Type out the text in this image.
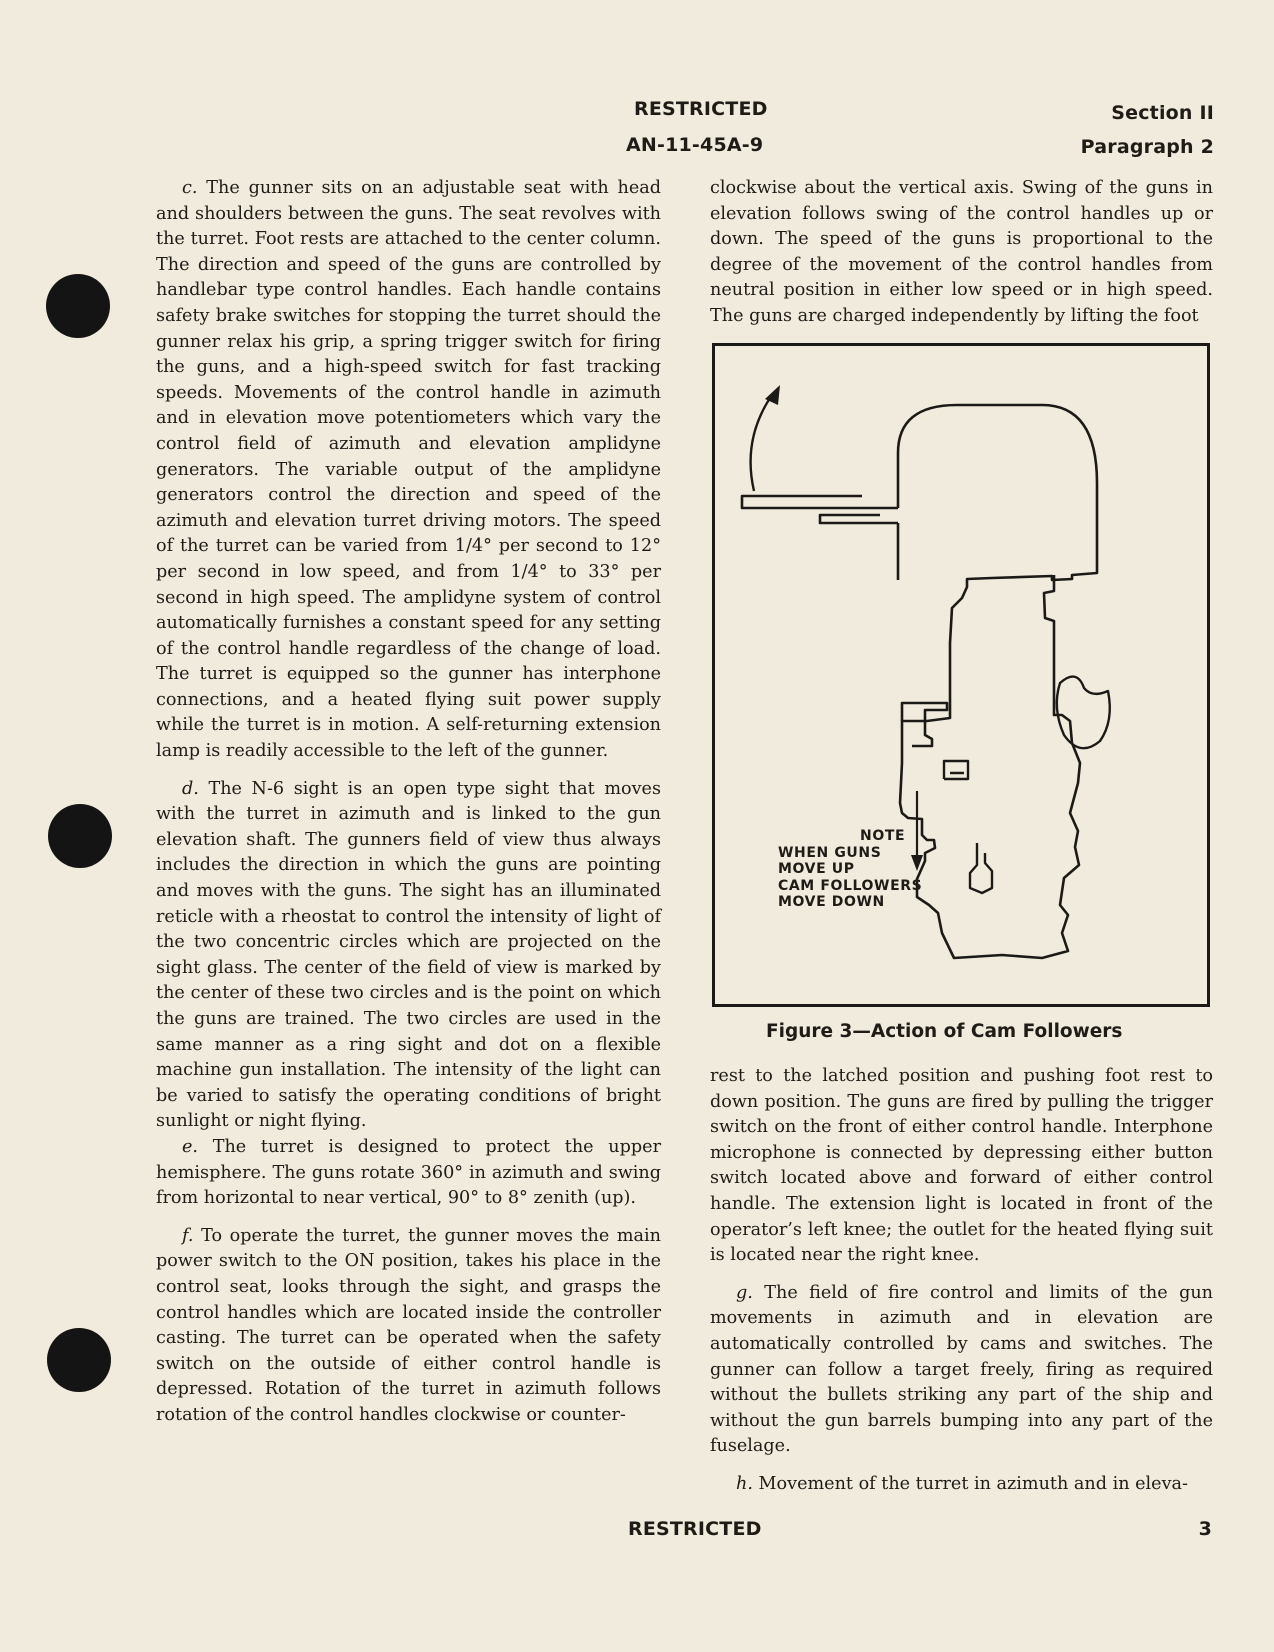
RESTRICTED
AN-11-45A-9
Section II
Paragraph 2

c. The gunner sits on an adjustable seat with head and shoulders between the guns. The seat revolves with the turret. Foot rests are attached to the center column. The direction and speed of the guns are controlled by handlebar type control handles. Each handle contains safety brake switches for stopping the turret should the gunner relax his grip, a spring trigger switch for firing the guns, and a high-speed switch for fast tracking speeds. Movements of the control handle in azimuth and in elevation move potentiometers which vary the control field of azimuth and elevation amplidyne generators. The variable output of the amplidyne generators control the direction and speed of the azimuth and elevation turret driving motors. The speed of the turret can be varied from 1/4° per second to 12° per second in low speed, and from 1/4° to 33° per second in high speed. The amplidyne system of control automatically furnishes a constant speed for any setting of the control handle regardless of the change of load. The turret is equipped so the gunner has interphone connections, and a heated flying suit power supply while the turret is in motion. A self-returning extension lamp is readily accessible to the left of the gunner.

d. The N-6 sight is an open type sight that moves with the turret in azimuth and is linked to the gun elevation shaft. The gunners field of view thus always includes the direction in which the guns are pointing and moves with the guns. The sight has an illuminated reticle with a rheostat to control the intensity of light of the two concentric circles which are projected on the sight glass. The center of the field of view is marked by the center of these two circles and is the point on which the guns are trained. The two circles are used in the same manner as a ring sight and dot on a flexible machine gun installation. The intensity of the light can be varied to satisfy the operating conditions of bright sunlight or night flying.

e. The turret is designed to protect the upper hemisphere. The guns rotate 360° in azimuth and swing from horizontal to near vertical, 90° to 8° zenith (up).

f. To operate the turret, the gunner moves the main power switch to the ON position, takes his place in the control seat, looks through the sight, and grasps the control handles which are located inside the controller casting. The turret can be operated when the safety switch on the outside of either control handle is depressed. Rotation of the turret in azimuth follows rotation of the control handles clockwise or counter-

clockwise about the vertical axis. Swing of the guns in elevation follows swing of the control handles up or down. The speed of the guns is proportional to the degree of the movement of the control handles from neutral position in either low speed or in high speed. The guns are charged independently by lifting the foot

NOTE
WHEN GUNS
MOVE UP
CAM FOLLOWERS
MOVE DOWN
Figure 3—Action of Cam Followers

rest to the latched position and pushing foot rest to down position. The guns are fired by pulling the trigger switch on the front of either control handle. Interphone microphone is connected by depressing either button switch located above and forward of either control handle. The extension light is located in front of the operator’s left knee; the outlet for the heated flying suit is located near the right knee.

g. The field of fire control and limits of the gun movements in azimuth and in elevation are automatically controlled by cams and switches. The gunner can follow a target freely, firing as required without the bullets striking any part of the ship and without the gun barrels bumping into any part of the fuselage.

h. Movement of the turret in azimuth and in eleva-

RESTRICTED	3
